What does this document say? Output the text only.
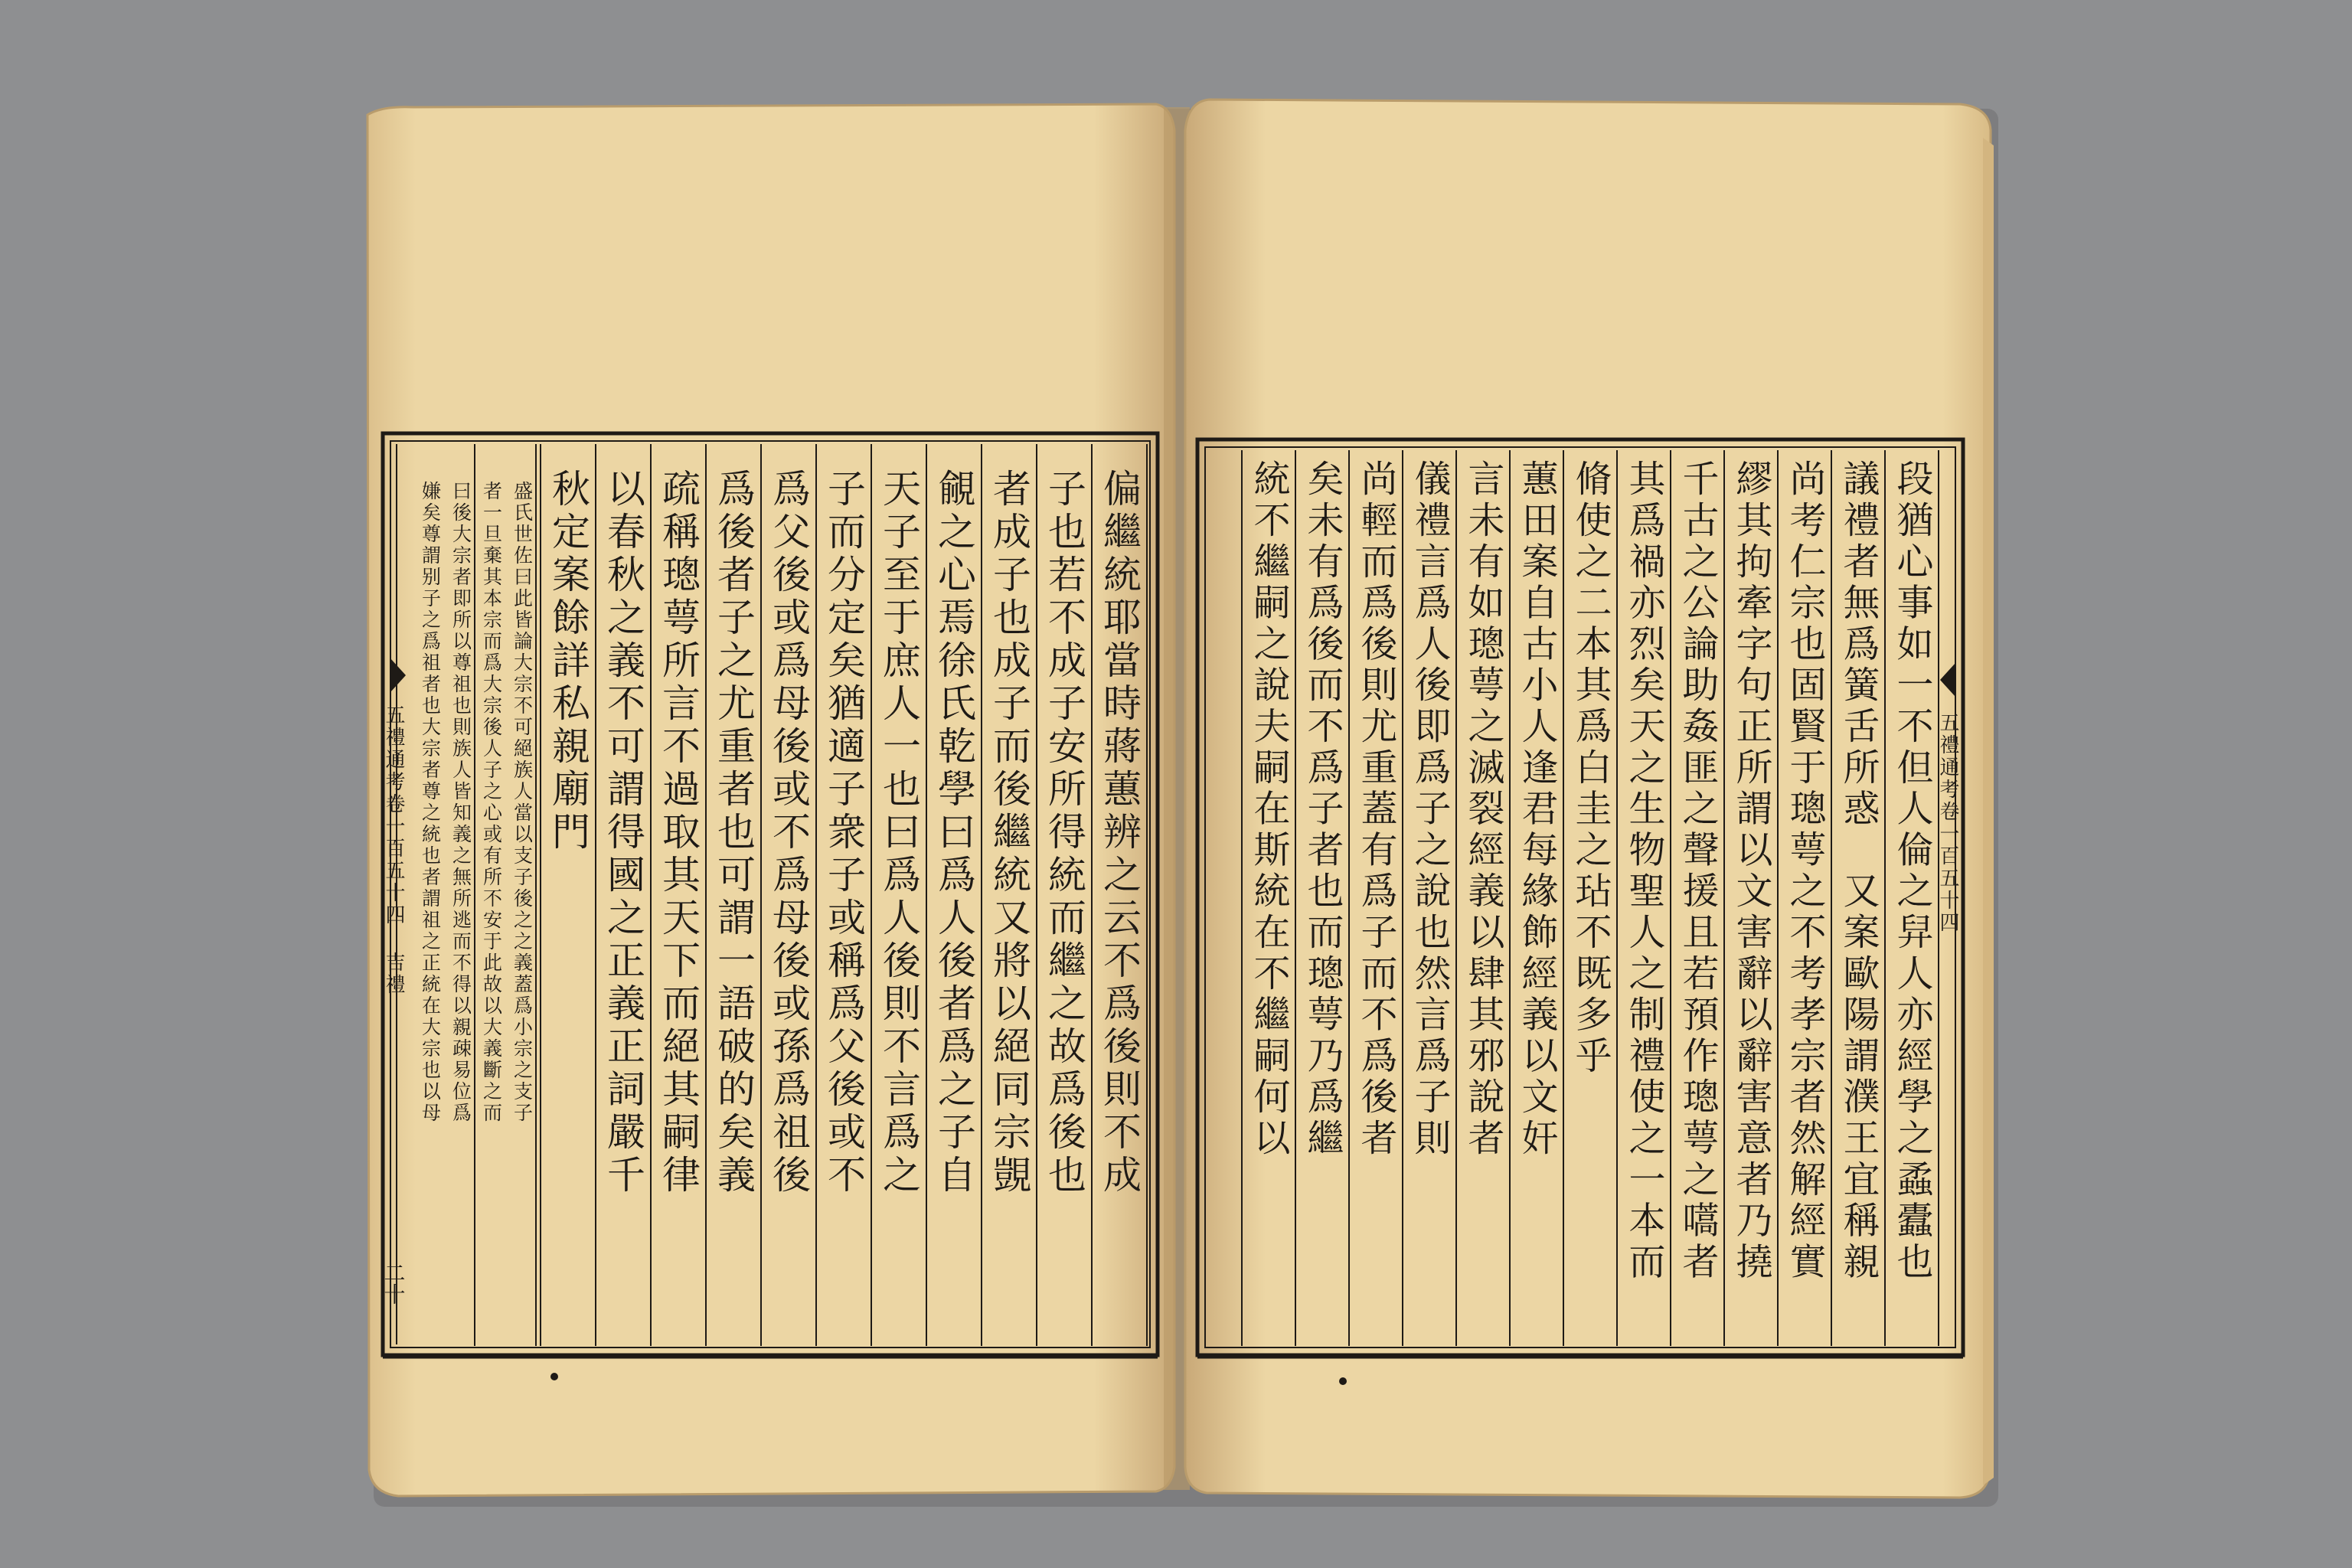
偏繼統耶當時蔣蕙辨之云不爲後則不成
子也若不成子安所得統而繼之故爲後也
者成子也成子而後繼統又將以絕同宗覬
覦之心焉徐氏乾學曰爲人後者爲之子自
天子至于庶人一也曰爲人後則不言爲之
子而分定矣猶適子衆子或稱爲父後或不
爲父後或爲母後或不爲母後或孫爲祖後
爲後者子之尤重者也可謂一語破的矣義
疏稱璁萼所言不過取其天下而絕其嗣律
以春秋之義不可謂得國之正義正詞嚴千
秋定案餘詳私親廟門
盛氏世佐曰此皆論大宗不可絕族人當以支子後之之義蓋爲小宗之支子
者一旦棄其本宗而爲大宗後人子之心或有所不安于此故以大義斷之而
曰後大宗者即所以尊祖也則族人皆知義之無所逃而不得以親疎易位爲
嫌矣尊謂别子之爲祖者也大宗者尊之統也者謂祖之正統在大宗也以母
五禮通考卷一百五十四 吉禮
二十	段猶心事如一不但人倫之舁人亦經學之蟊蠹也
議禮者無爲簧舌所惑　又案歐陽謂濮王宜稱親
尚考仁宗也固賢于璁萼之不考孝宗者然解經實
繆其拘牽字句正所謂以文害辭以辭害意者乃撓
千古之公論助姦匪之聲援且若預作璁萼之嚆者
其爲禍亦烈矣天之生物聖人之制禮使之一本而
脩使之二本其爲白圭之玷不既多乎
蕙田案自古小人逢君每緣飾經義以文奸
言未有如璁萼之滅裂經義以肆其邪說者
儀禮言爲人後即爲子之說也然言爲子則
尚輕而爲後則尤重蓋有爲子而不爲後者
矣未有爲後而不爲子者也而璁萼乃爲繼
統不繼嗣之說夫嗣在斯統在不繼嗣何以	五禮通考卷一百五十四
